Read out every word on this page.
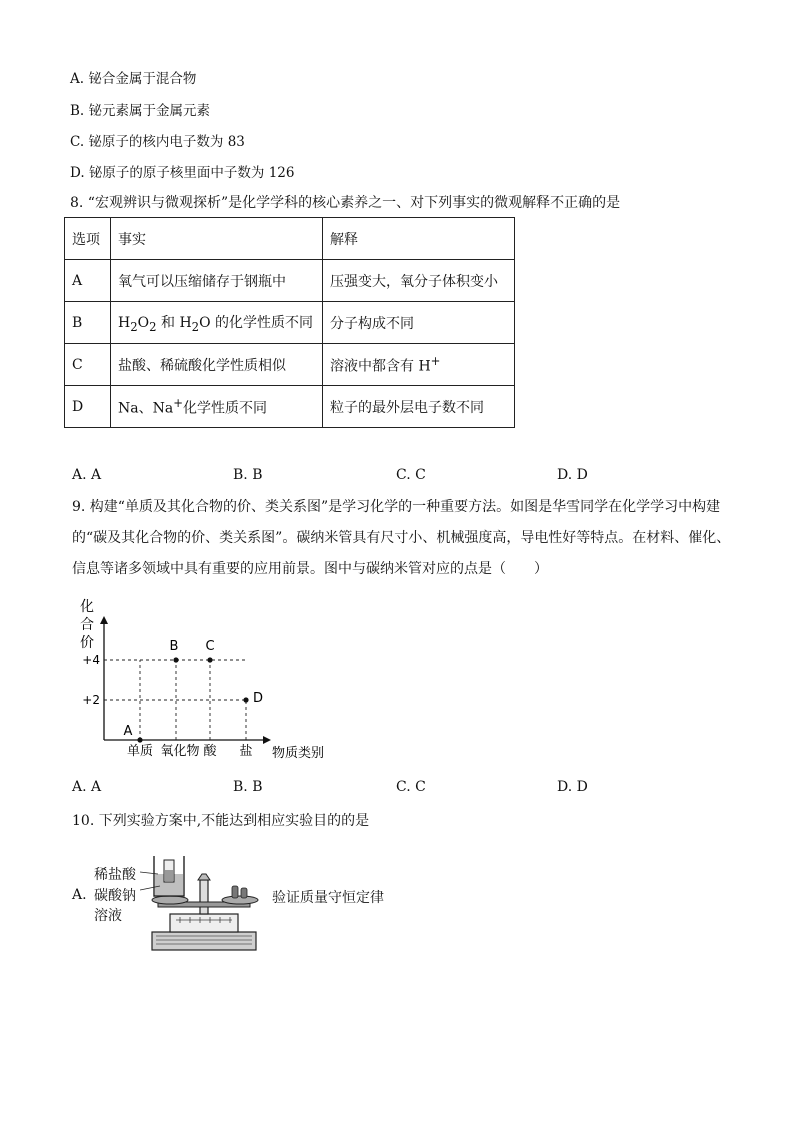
A. 铋合金属于混合物
B. 铋元素属于金属元素
C. 铋原子的核内电子数为 83
D. 铋原子的原子核里面中子数为 126
8. “宏观辨识与微观探析”是化学学科的核心素养之一、对下列事实的微观解释不正确的是
选项	事实	解释
A	氧气可以压缩储存于钢瓶中	压强变大，氧分子体积变小
B	$H_2O_2$ 和 $H_2O$ 的化学性质不同	分子构成不同
C	盐酸、稀硫酸化学性质相似	溶液中都含有 H+
D	Na、Na+化学性质不同	粒子的最外层电子数不同
A. A	B. B	C. C	D. D
9. 构建“单质及其化合物的价、类关系图”是学习化学的一种重要方法。如图是华雪同学在化学学习中构建的“碳及其化合物的价、类关系图”。碳纳米管具有尺寸小、机械强度高，导电性好等特点。在材料、催化、信息等诸多领域中具有重要的应用前景。图中与碳纳米管对应的点是（　　）
化
合
价
+4
+2
单质 氧化物 酸 盐 物质类别
A
B C
D
A. A	B. B	C. C	D. D
10. 下列实验方案中,不能达到相应实验目的的是
A.
稀盐酸
碳酸钠
溶液
验证质量守恒定律
